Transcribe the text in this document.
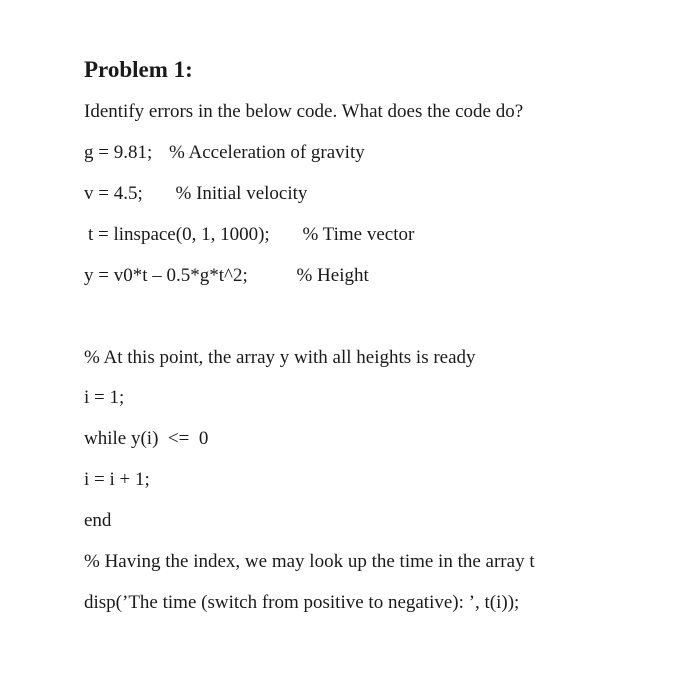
Problem 1:
Identify errors in the below code. What does the code do?
g = 9.81; % Acceleration of gravity
v = 4.5; % Initial velocity
t = linspace(0, 1, 1000); % Time vector
y = v0*t – 0.5*g*t^2;	% Height
% At this point, the array y with all heights is ready
i = 1;
while y(i)  <=  0
i = i + 1;
end
% Having the index, we may look up the time in the array t
disp(’The time (switch from positive to negative): ’, t(i));
